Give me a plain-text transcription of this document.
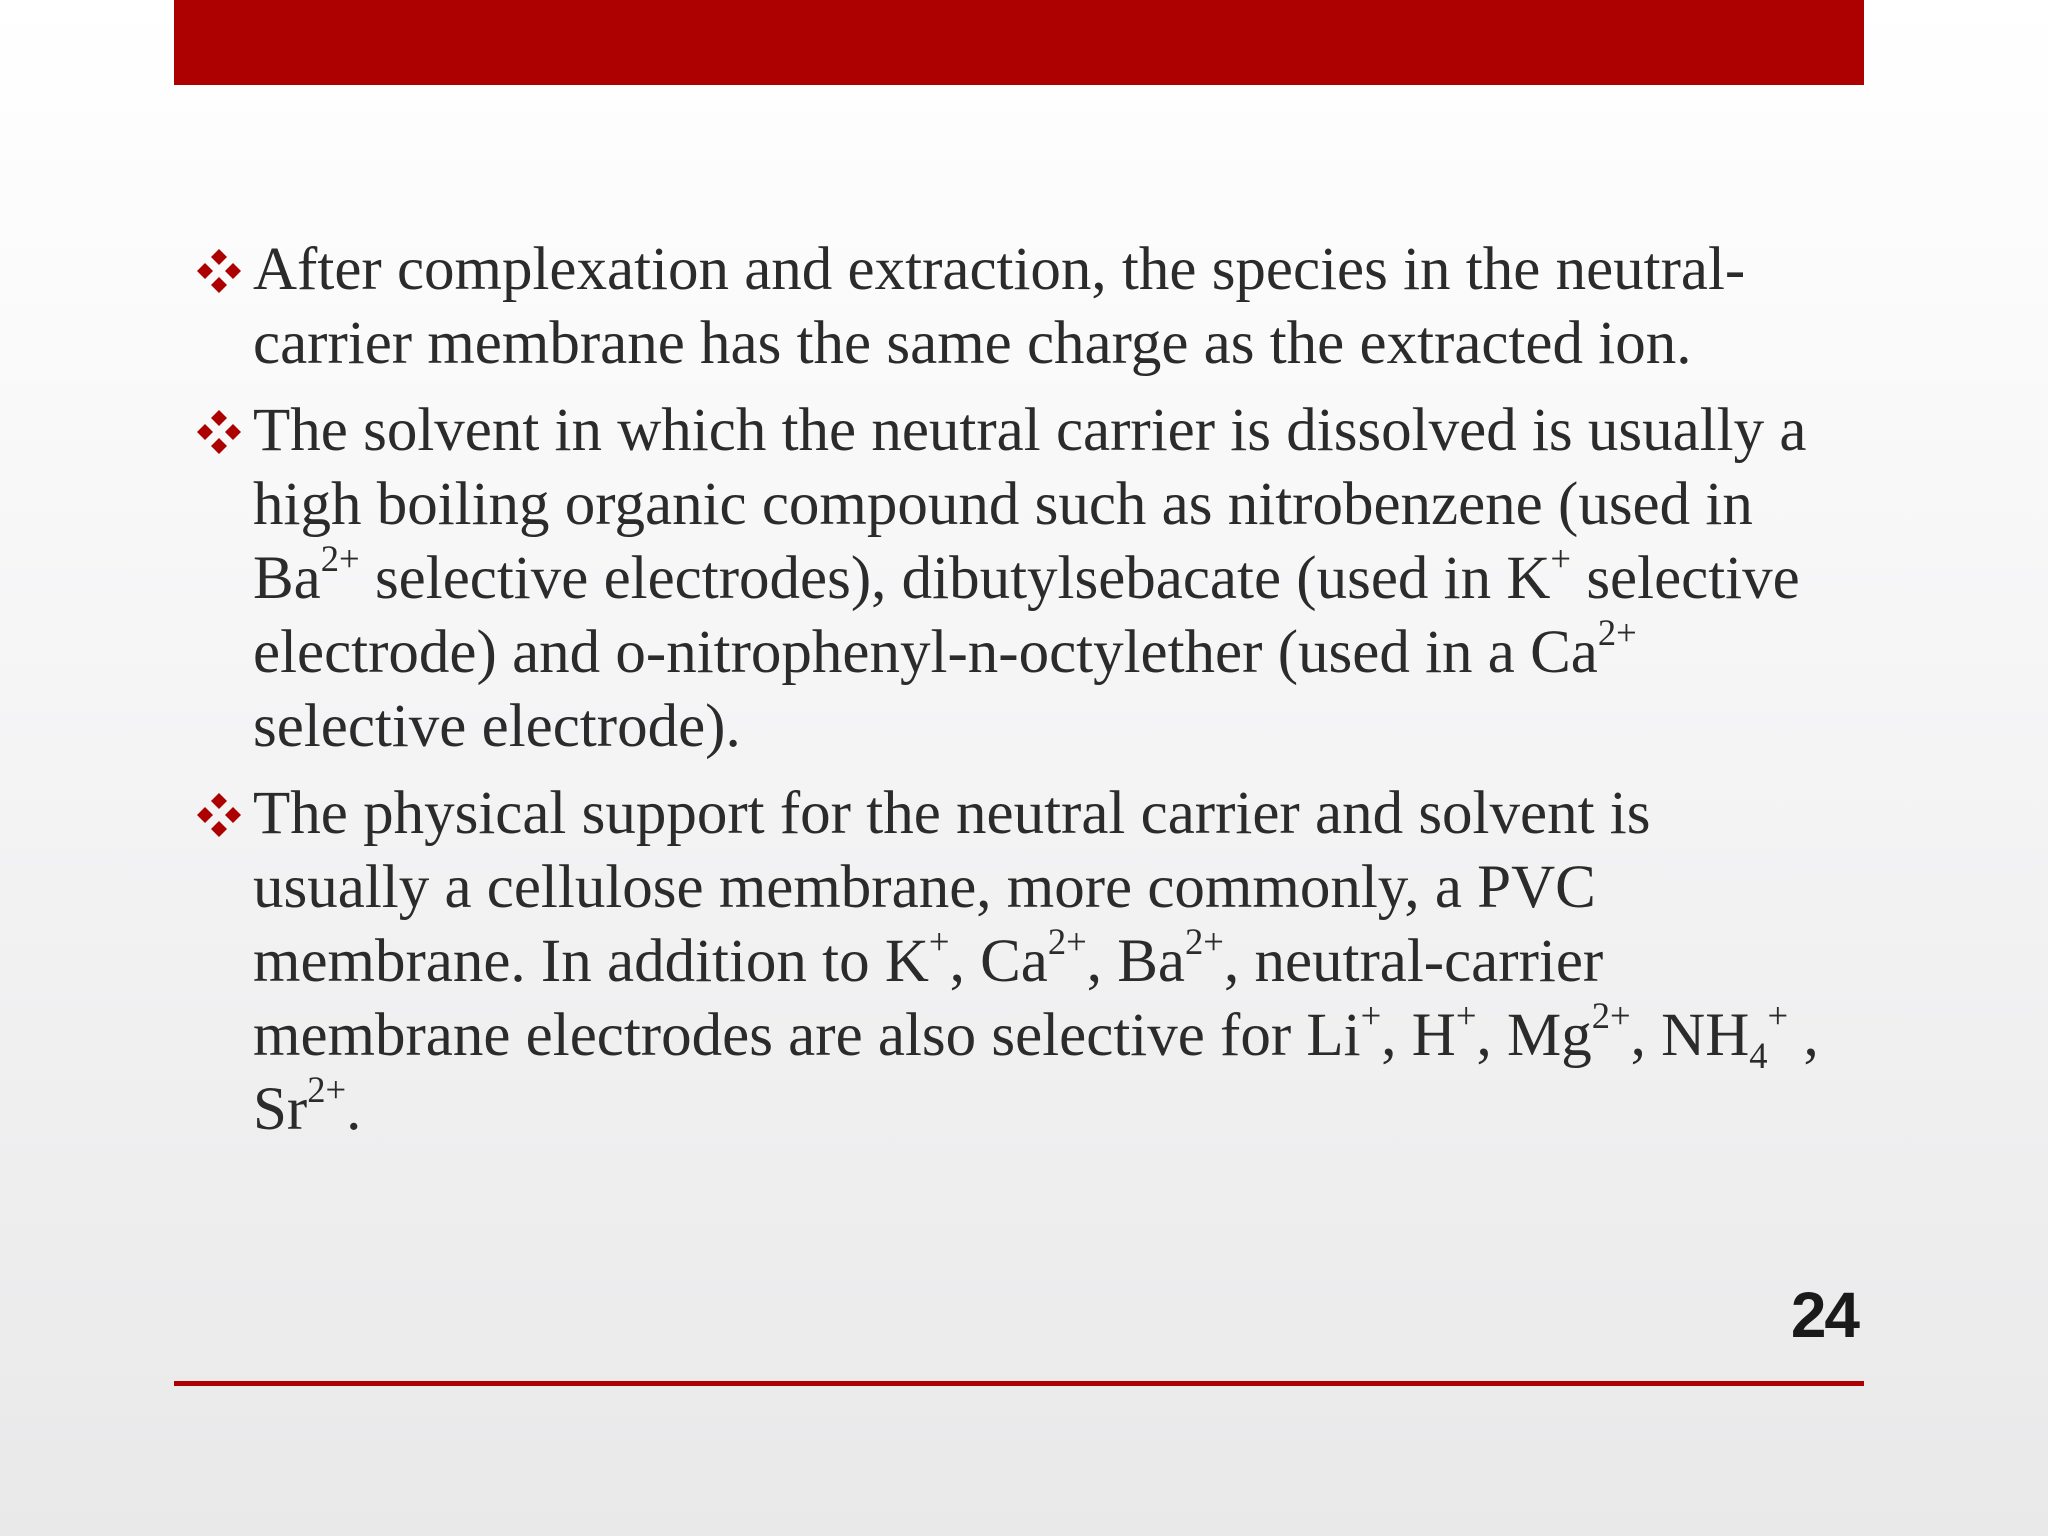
After complexation and extraction, the species in the neutral-carrier membrane has the same charge as the extracted ion.
The solvent in which the neutral carrier is dissolved is usually a high boiling organic compound such as nitrobenzene (used in $Ba^{2+}$ selective electrodes), dibutylsebacate (used in K+ selective electrode) and o-nitrophenyl-n-octylether (used in a $Ca^{2+}$ selective electrode).
The physical support for the neutral carrier and solvent is usually a cellulose membrane, more commonly, a PVC membrane. In addition to K+, $Ca^{2+}$, $Ba^{2+}$, neutral-carrier membrane electrodes are also selective for Li+, H+, $Mg^{2+}$, $NH_4^+$ , $Sr^{2+}$.
24
